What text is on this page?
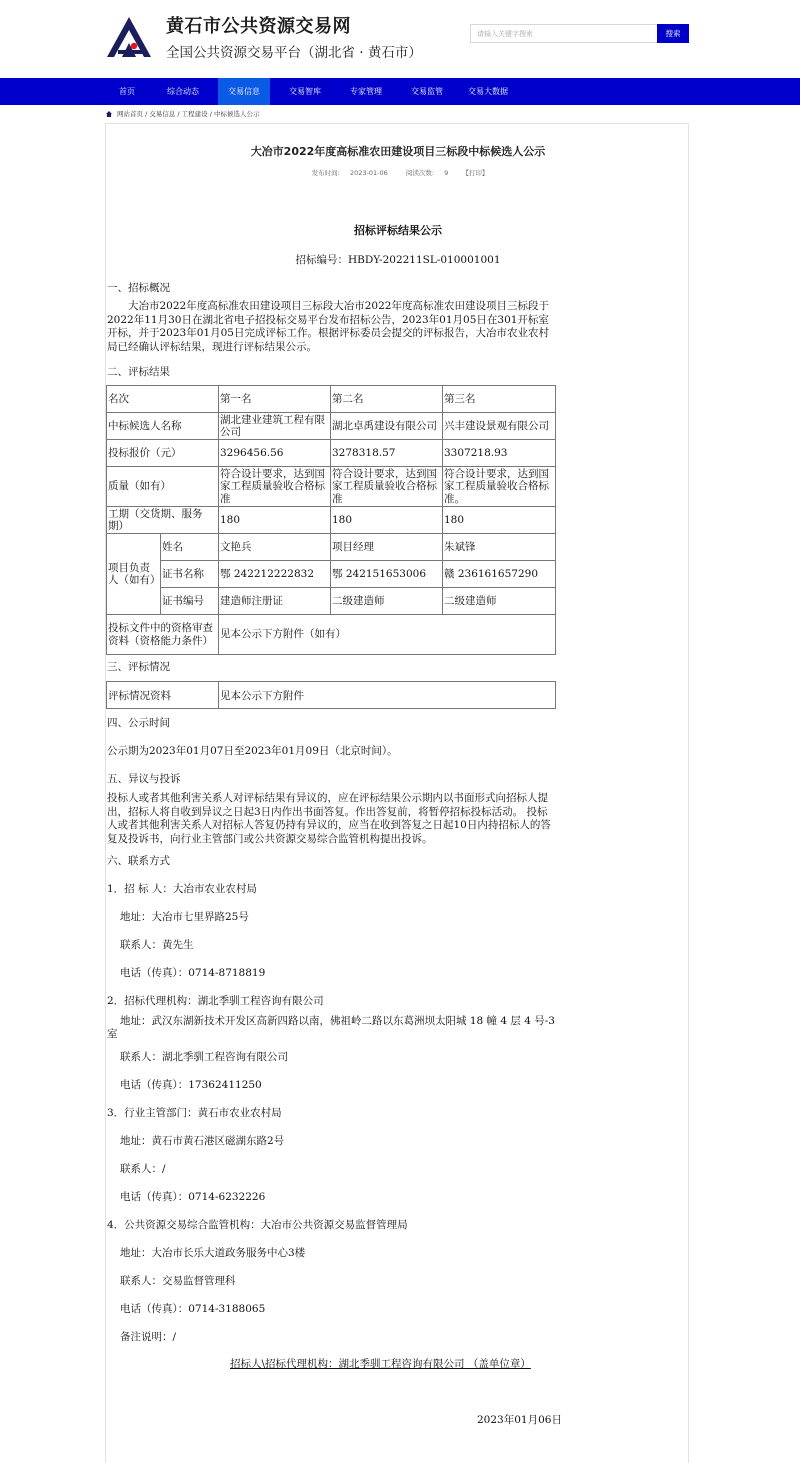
黄石市公共资源交易网
全国公共资源交易平台（湖北省 · 黄石市）
请输入关键字搜索
搜索
首页	综合动态	交易信息	交易智库	专家管理	交易监管	交易大数据
网站首页 / 交易信息 / 工程建设 / 中标候选人公示
大冶市2022年度高标准农田建设项目三标段中标候选人公示
发布时间: 2023-01-06	阅读次数: 9 【打印】
招标评标结果公示
招标编号：HBDY-202211SL-010001001
一、招标概况
大冶市2022年度高标准农田建设项目三标段大冶市2022年度高标准农田建设项目三标段于2022年11月30日在湖北省电子招投标交易平台发布招标公告，2023年01月05日在301开标室开标，并于2023年01月05日完成评标工作。根据评标委员会提交的评标报告，大冶市农业农村局已经确认评标结果，现进行评标结果公示。
二、评标结果
名次		第一名	第二名	第三名
中标候选人名称		湖北建业建筑工程有限公司	湖北卓禹建设有限公司	兴丰建设景观有限公司
投标报价（元）		3296456.56	3278318.57	3307218.93
质量（如有）		符合设计要求，达到国家工程质量验收合格标准	符合设计要求，达到国家工程质量验收合格标准	符合设计要求，达到国家工程质量验收合格标准。
工期（交货期、服务期）		180	180	180
项目负责人（如有）	姓名	文艳兵	项目经理	朱斌锋
	证书名称	鄂 242212222832	鄂 242151653006	赣 236161657290
	证书编号	建造师注册证	二级建造师	二级建造师
投标文件中的资格审查资料（资格能力条件）		见本公示下方附件（如有）		
三、评标情况
评标情况资料	见本公示下方附件
四、公示时间
公示期为2023年01月07日至2023年01月09日（北京时间）。
五、异议与投诉
投标人或者其他利害关系人对评标结果有异议的，应在评标结果公示期内以书面形式向招标人提出，招标人将自收到异议之日起3日内作出书面答复。作出答复前，将暂停招标投标活动。 投标人或者其他利害关系人对招标人答复仍持有异议的，应当在收到答复之日起10日内持招标人的答复及投诉书，向行业主管部门或公共资源交易综合监管机构提出投诉。
六、联系方式
1．招 标 人：大冶市农业农村局
地址：大冶市七里界路25号
联系人：黄先生
电话（传真）：0714-8718819
2．招标代理机构：湖北季驯工程咨询有限公司
地址：武汉东湖新技术开发区高新四路以南，佛祖岭二路以东葛洲坝太阳城 18 幢 4 层 4 号-3 室
联系人：湖北季驯工程咨询有限公司
电话（传真）：17362411250
3．行业主管部门：黄石市农业农村局
地址：黄石市黄石港区磁湖东路2号
联系人：/
电话（传真）：0714-6232226
4．公共资源交易综合监管机构：大冶市公共资源交易监督管理局
地址：大冶市长乐大道政务服务中心3楼
联系人：交易监督管理科
电话（传真）：0714-3188065
备注说明：/
招标人\招标代理机构：湖北季驯工程咨询有限公司 （盖单位章）
2023年01月06日
